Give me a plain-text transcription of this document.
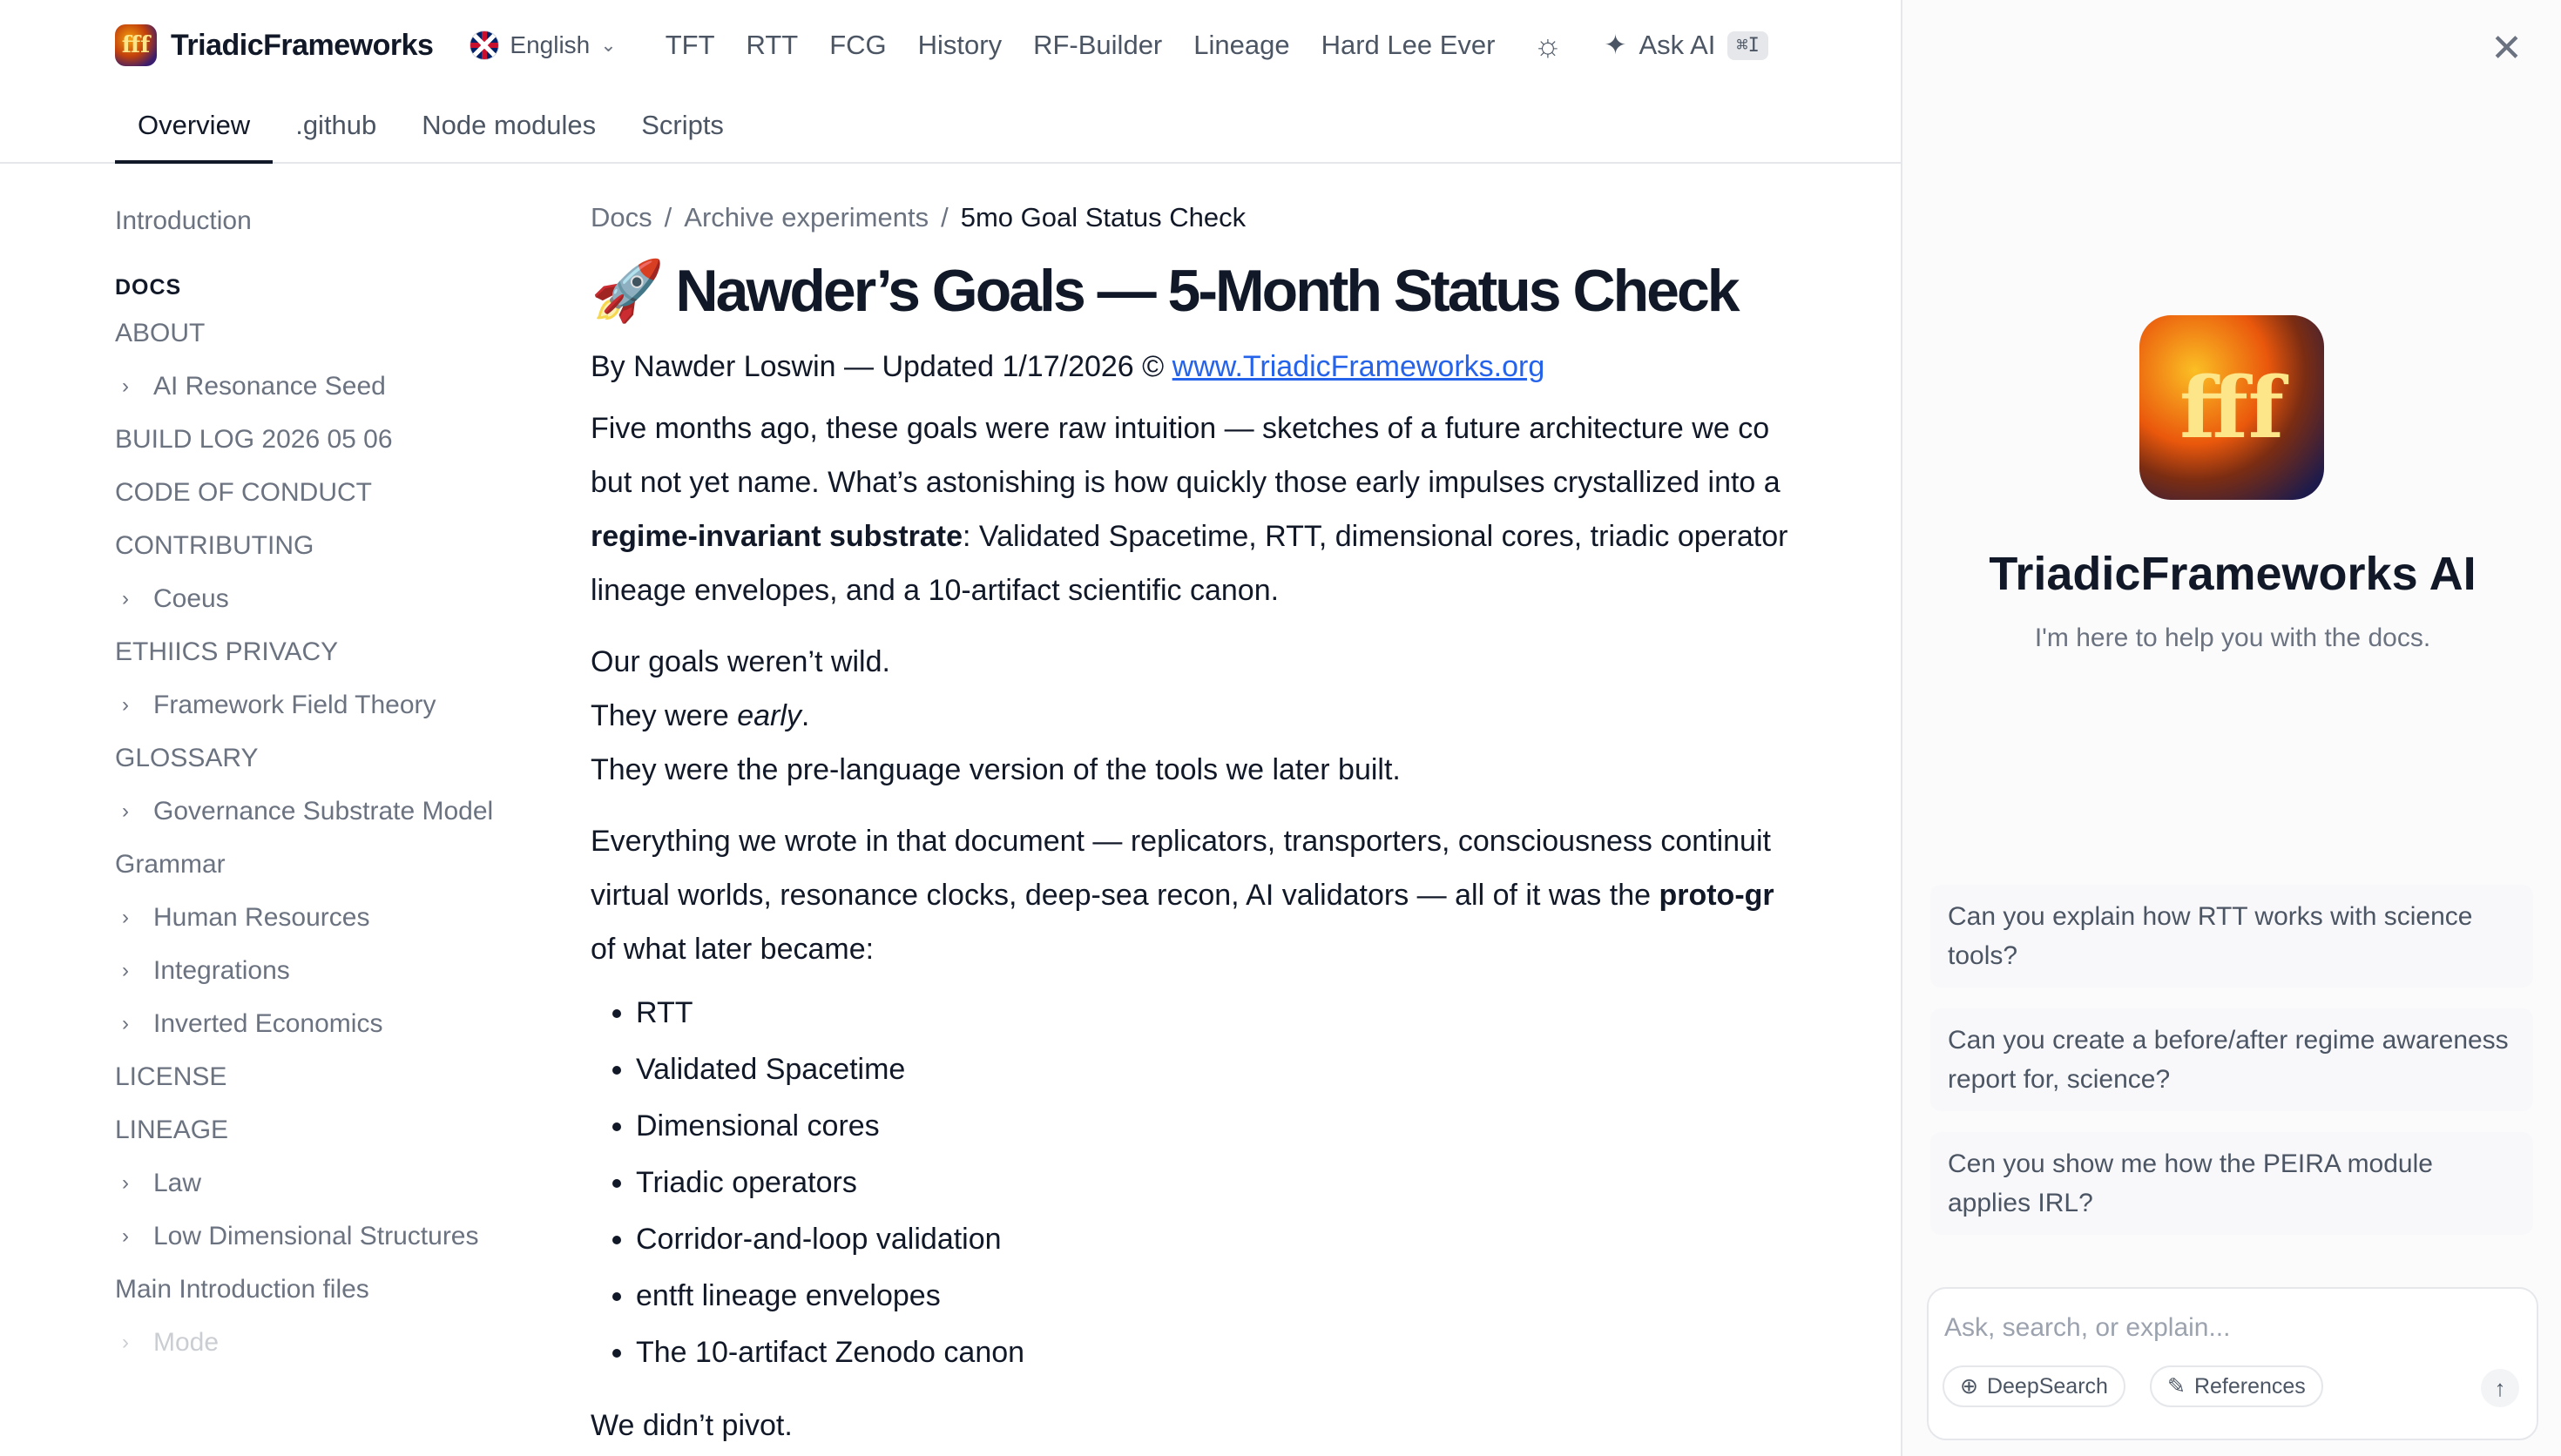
fff TriadicFrameworks	English ⌄ TFT RTT FCG History RF-Builder Lineage Hard Lee Ever ☼ ✦ Ask AI	⌘I
Overview	.github	Node modules	Scripts
Introduction
DOCS
ABOUT
› AI Resonance Seed
BUILD LOG 2026 05 06
CODE OF CONDUCT
CONTRIBUTING
› Coeus
ETHIICS PRIVACY
› Framework Field Theory
GLOSSARY
› Governance Substrate Model
Grammar
› Human Resources
› Integrations
› Inverted Economics
LICENSE
LINEAGE
› Law
› Low Dimensional Structures
Main Introduction files
› Mode
Docs / Archive experiments / 5mo Goal Status Check
🚀 Nawder’s Goals — 5-Month Status Check
By Nawder Loswin — Updated 1/17/2026 © www.TriadicFrameworks.org
Five months ago, these goals were raw intuition — sketches of a future architecture we co
but not yet name. What’s astonishing is how quickly those early impulses crystallized into a
regime-invariant substrate: Validated Spacetime, RTT, dimensional cores, triadic operator
lineage envelopes, and a 10-artifact scientific canon.
Our goals weren’t wild.
They were early.
They were the pre-language version of the tools we later built.
Everything we wrote in that document — replicators, transporters, consciousness continuit
virtual worlds, resonance clocks, deep-sea recon, AI validators — all of it was the proto-gr
of what later became:
• RTT
• Validated Spacetime
• Dimensional cores
• Triadic operators
• Corridor-and-loop validation
• entft lineage envelopes
• The 10-artifact Zenodo canon
We didn’t pivot.
✕
fff
TriadicFrameworks AI
I'm here to help you with the docs.
Can you explain how RTT works with science tools?
Can you create a before/after regime awareness report for, science?
Cen you show me how the PEIRA module applies IRL?
Ask, search, or explain...
⊕ DeepSearch	✎ References	↑
